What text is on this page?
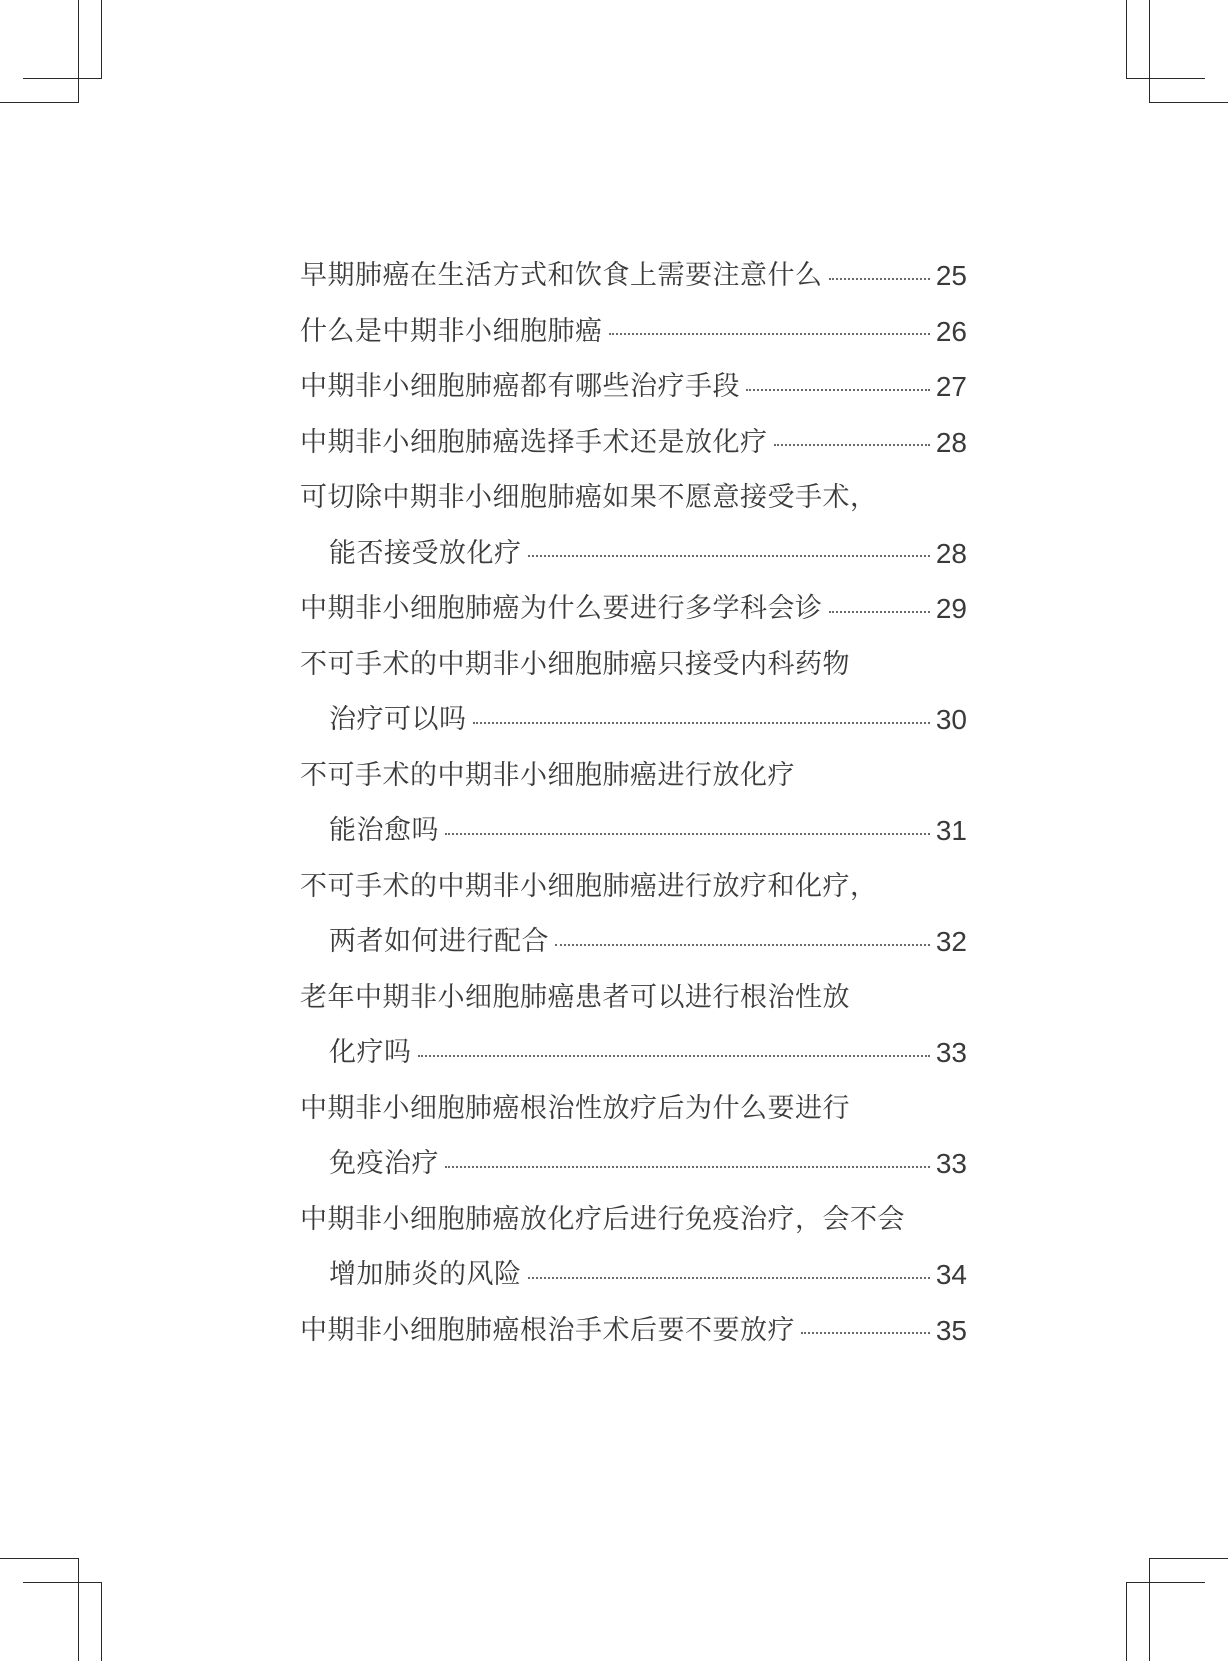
早期肺癌在生活方式和饮食上需要注意什么	25
什么是中期非小细胞肺癌	26
中期非小细胞肺癌都有哪些治疗手段	27
中期非小细胞肺癌选择手术还是放化疗	28
可切除中期非小细胞肺癌如果不愿意接受手术，
能否接受放化疗	28
中期非小细胞肺癌为什么要进行多学科会诊	29
不可手术的中期非小细胞肺癌只接受内科药物
治疗可以吗	30
不可手术的中期非小细胞肺癌进行放化疗
能治愈吗	31
不可手术的中期非小细胞肺癌进行放疗和化疗，
两者如何进行配合	32
老年中期非小细胞肺癌患者可以进行根治性放
化疗吗	33
中期非小细胞肺癌根治性放疗后为什么要进行
免疫治疗	33
中期非小细胞肺癌放化疗后进行免疫治疗，会不会
增加肺炎的风险	34
中期非小细胞肺癌根治手术后要不要放疗	35
